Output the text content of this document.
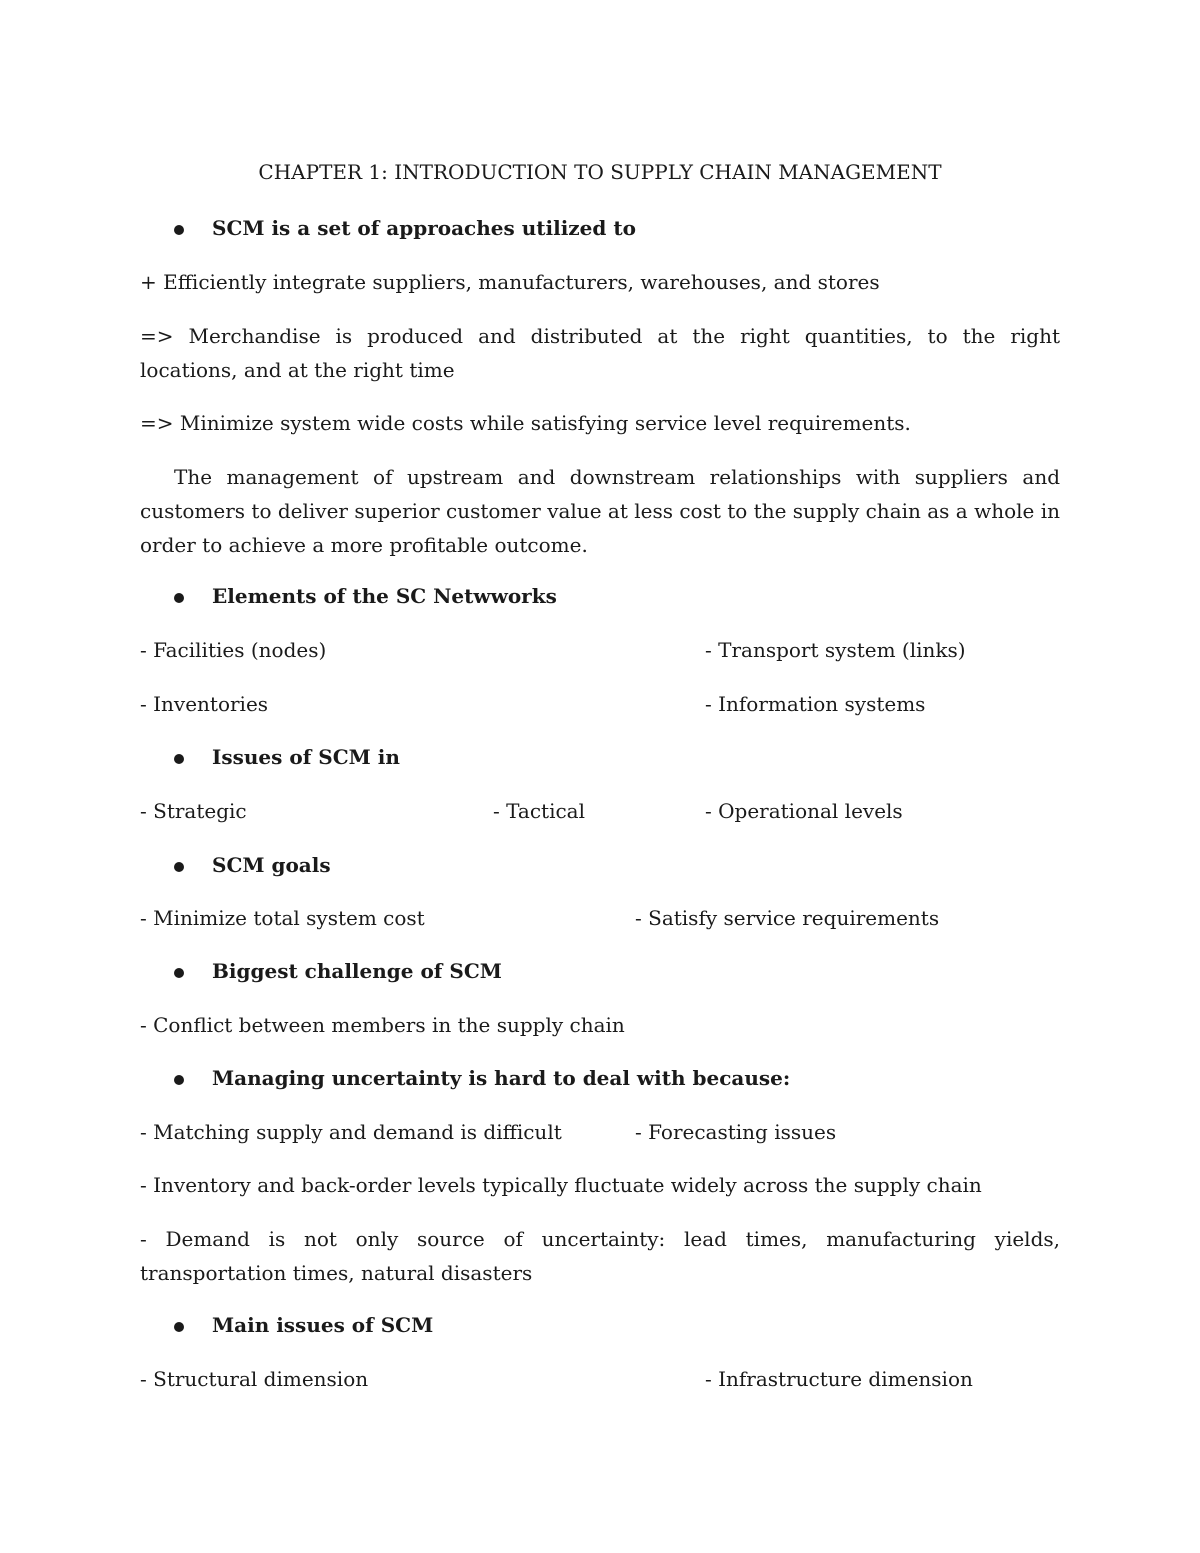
CHAPTER 1: INTRODUCTION TO SUPPLY CHAIN MANAGEMENT
SCM is a set of approaches utilized to

+ Efficiently integrate suppliers, manufacturers, warehouses, and stores

=> Merchandise is produced and distributed at the right quantities, to the right locations, and at the right time

=> Minimize system wide costs while satisfying service level requirements.

The management of upstream and downstream relationships with suppliers and customers to deliver superior customer value at less cost to the supply chain as a whole in order to achieve a more profitable outcome.

Elements of the SC Netwworks

- Facilities (nodes)	- Transport system (links)

- Inventories	- Information systems

Issues of SCM in

- Strategic	- Tactical	- Operational levels

SCM goals

- Minimize total system cost	- Satisfy service requirements

Biggest challenge of SCM

- Conflict between members in the supply chain

Managing uncertainty is hard to deal with because:

- Matching supply and demand is difficult	- Forecasting issues

- Inventory and back-order levels typically fluctuate widely across the supply chain

- Demand is not only source of uncertainty: lead times, manufacturing yields, transportation times, natural disasters

Main issues of SCM

- Structural dimension	- Infrastructure dimension
